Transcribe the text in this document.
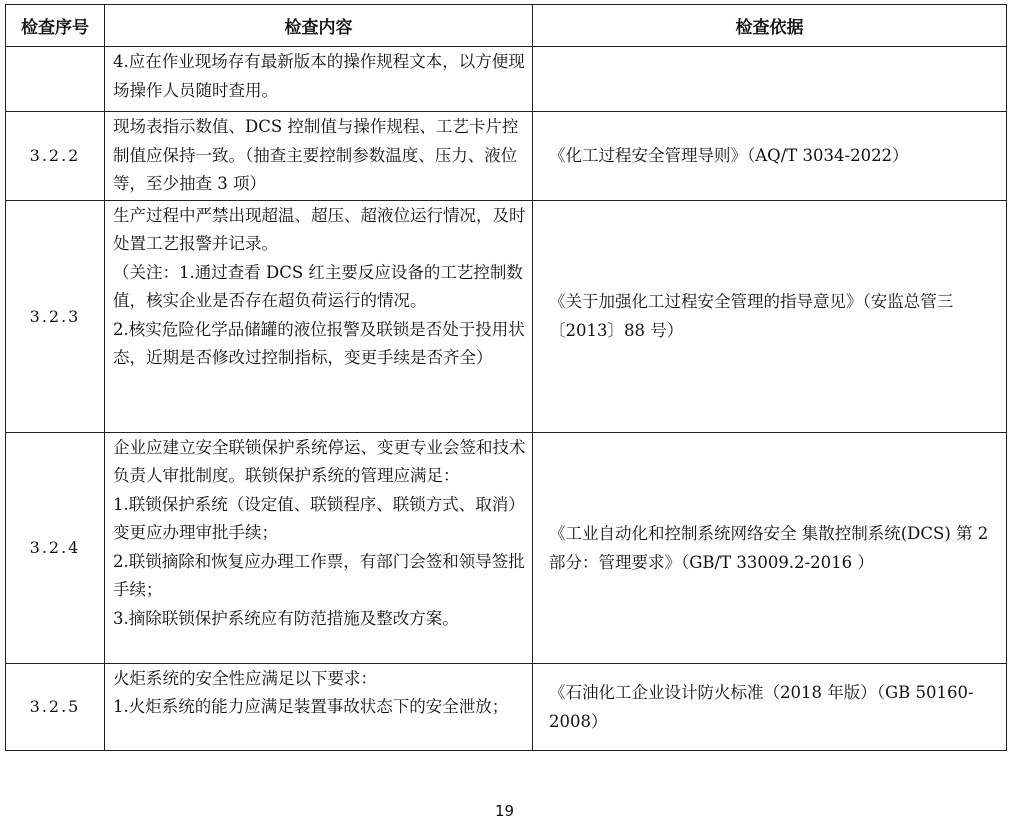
检查序号	检查内容	检查依据

	4.应在作业现场存有最新版本的操作规程文本，以方便现场操作人员随时查用。	

3.2.2	现场表指示数值、DCS 控制值与操作规程、工艺卡片控制值应保持一致。（抽查主要控制参数温度、压力、液位等，至少抽查 3 项）	《化工过程安全管理导则》（AQ/T 3034-2022）
3.2.3	生产过程中严禁出现超温、超压、超液位运行情况，及时处置工艺报警并记录。

（关注：1.通过查看 DCS 红主要反应设备的工艺控制数值，核实企业是否存在超负荷运行的情况。

2.核实危险化学品储罐的液位报警及联锁是否处于投用状态，近期是否修改过控制指标，变更手续是否齐全）	《关于加强化工过程安全管理的指导意见》（安监总管三〔2013〕88 号）
3.2.4	企业应建立安全联锁保护系统停运、变更专业会签和技术负责人审批制度。联锁保护系统的管理应满足：

1.联锁保护系统（设定值、联锁程序、联锁方式、取消）变更应办理审批手续；

2.联锁摘除和恢复应办理工作票，有部门会签和领导签批手续；

3.摘除联锁保护系统应有防范措施及整改方案。	《工业自动化和控制系统网络安全 集散控制系统(DCS) 第 2 部分：管理要求》（GB/T 33009.2-2016 ）
3.2.5	火炬系统的安全性应满足以下要求：

1.火炬系统的能力应满足装置事故状态下的安全泄放；	《石油化工企业设计防火标准（2018 年版）（GB 50160-2008）
19
